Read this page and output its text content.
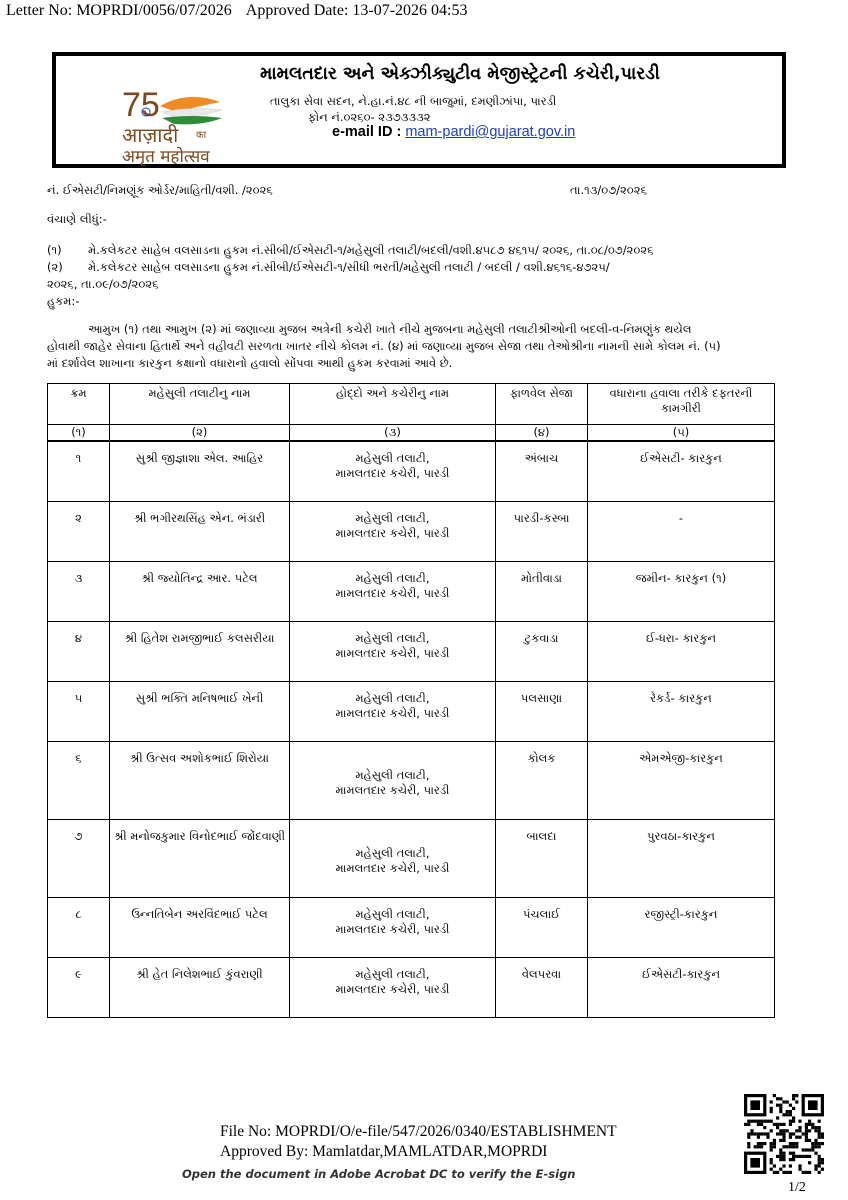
Letter No: MOPRDI/0056/07/2026 Approved Date: 13-07-2026 04:53
75
आज़ादी का
अमृत महोत्सव
મામલતદાર અને એક્ઝીક્યુટીવ મેજીસ્ટ્રેટની કચેરી,પારડી
તાલુકા સેવા સદન, ને.હા.નં.૪૮ ની બાજુમાં, દમણીઝાંપા, પારડી
ફોન નં.૦૨૬૦- ૨૩૭૩૩૩૨
e-mail ID : mam-pardi@gujarat.gov.in
નં. ઈએસટી/નિમણૂંક ઓર્ડર/માહિતી/વશી. /૨૦૨૬	તા.૧૩/૦૭/૨૦૨૬
વંચાણે લીધું:-
(૧) મે.કલેકટર સાહેબ વલસાડના હુકમ નં.સીબી/ઈએસટી-૧/મહેસુલી તલાટી/બદલી/વશી.૪૫૮૭ ૪૬૧૫/ ૨૦૨૬, તા.૦૮/૦૭/૨૦૨૬
(૨) મે.કલેકટર સાહેબ વલસાડના હુકમ નં.સીબી/ઈએસટી-૧/સીધી ભરતી/મહેસુલી તલાટી / બદલી / વશી.૪૬૧૬-૪૭૨૫/
૨૦૨૬, તા.૦૯/૦૭/૨૦૨૬
હુકમ:-
આમુખ (૧) તથા આમુખ (૨) માં જણાવ્યા મુજબ અત્રેની કચેરી ખાતે નીચે મુજબના મહેસુલી તલાટીશ્રીઓની બદલી-વ-નિમણુંક થયેલ
હોવાથી જાહેર સેવાના હિતાર્થે અને વહીવટી સરળતા ખાતર નીચે કોલમ નં. (૪) માં જણાવ્યા મુજબ સેજા તથા તેઓશ્રીના નામની સામે કોલમ નં. (૫)
માં દર્શાવેલ શાખાના કારકુન કક્ષાનો વધારાનો હવાલો સોંપવા આથી હુકમ કરવામાં આવે છે.
ક્રમ	મહેસુલી તલાટીનુ નામ	હોદ્દો અને કચેરીનુ નામ	ફાળવેલ સેજા	વધારાના હવાલા તરીકે દફતરની કામગીરી
(૧)	(૨)	(૩)	(૪)	(૫)
૧	સુશ્રી જીજ્ઞાશા એલ. આહિર	મહેસુલી તલાટી,
મામલતદાર કચેરી, પારડી	અંબાચ	ઈએસટી- કારકુન
૨	શ્રી ભગીરથસિંહ એન. ભંડારી	મહેસુલી તલાટી,
મામલતદાર કચેરી, પારડી	પારડી-કસ્બા	-
૩	શ્રી જ્યોતિન્દ્ર આર. પટેલ	મહેસુલી તલાટી,
મામલતદાર કચેરી, પારડી	મોતીવાડા	જમીન- કારકુન (૧)
૪	શ્રી હિતેશ રામજીભાઈ કલસરીયા	મહેસુલી તલાટી,
મામલતદાર કચેરી, પારડી	ટુકવાડા	ઈ-ધરા- કારકુન
૫	સુશ્રી ભક્તિ મનિષભાઈ ખેની	મહેસુલી તલાટી,
મામલતદાર કચેરી, પારડી	પલસાણા	રેકર્ડ- કારકુન
૬	શ્રી ઉત્સવ અશોકભાઈ શિરોયા	મહેસુલી તલાટી,
મામલતદાર કચેરી, પારડી	કોલક	એમએજી-કારકુન
૭	શ્રી મનોજકુમાર વિનોદભાઈ જોંદવાણી	મહેસુલી તલાટી,
મામલતદાર કચેરી, પારડી	બાલદા	પુરવઠા-કારકુન
૮	ઉન્નતિબેન અરવિંદભાઈ પટેલ	મહેસુલી તલાટી,
મામલતદાર કચેરી, પારડી	પંચલાઈ	રજીસ્ટ્રી-કારકુન
૯	શ્રી હેત નિલેશભાઈ કુંવરાણી	મહેસુલી તલાટી,
મામલતદાર કચેરી, પારડી	વેલપરવા	ઈએસટી-કારકુન
File No: MOPRDI/O/e-file/547/2026/0340/ESTABLISHMENT
Approved By: Mamlatdar,MAMLATDAR,MOPRDI
Open the document in Adobe Acrobat DC to verify the E-sign
1/2
